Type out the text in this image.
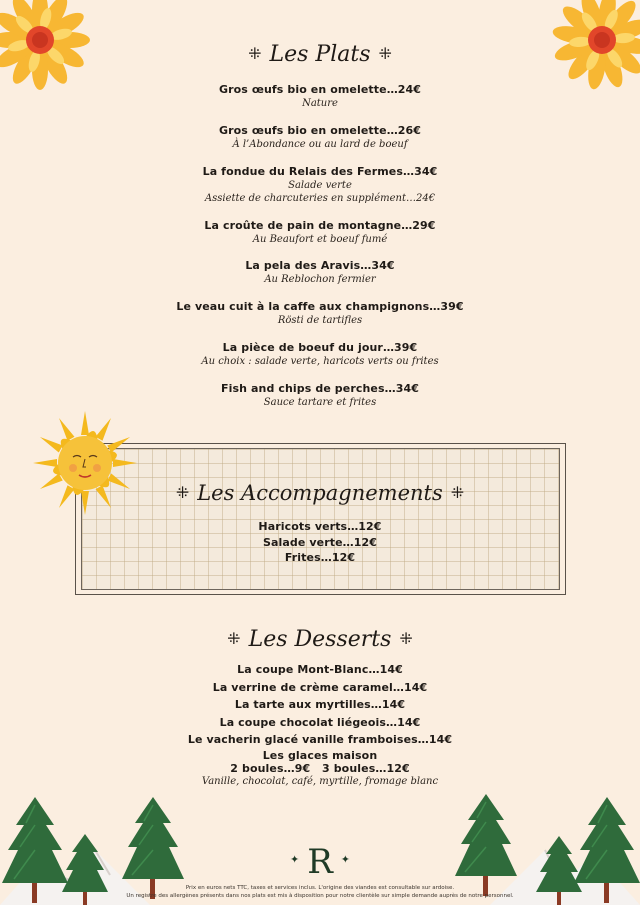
⁜ Les Plats ⁜
Gros œufs bio en omelette…24€
Nature
Gros œufs bio en omelette…26€
À l’Abondance ou au lard de boeuf
La fondue du Relais des Fermes…34€
Salade verte
Assiette de charcuteries en supplément…24€
La croûte de pain de montagne…29€
Au Beaufort et boeuf fumé
La pela des Aravis…34€
Au Reblochon fermier
Le veau cuit à la caffe aux champignons…39€
Rösti de tartifles
La pièce de boeuf du jour…39€
Au choix : salade verte, haricots verts ou frites
Fish and chips de perches…34€
Sauce tartare et frites
⁜ Les Accompagnements ⁜
Haricots verts…12€
Salade verte…12€
Frites…12€
⁜ Les Desserts ⁜
La coupe Mont-Blanc…14€
La verrine de crème caramel…14€
La tarte aux myrtilles…14€
La coupe chocolat liégeois…14€
Le vacherin glacé vanille framboises…14€
Les glaces maison
2 boules…9€   3 boules…12€
Vanille, chocolat, café, myrtille, fromage blanc
✦ R ✦
Prix en euros nets TTC, taxes et services inclus. L'origine des viandes est consultable sur ardoise.
Un registre des allergènes présents dans nos plats est mis à disposition pour notre clientèle sur simple demande auprès de notre personnel.
